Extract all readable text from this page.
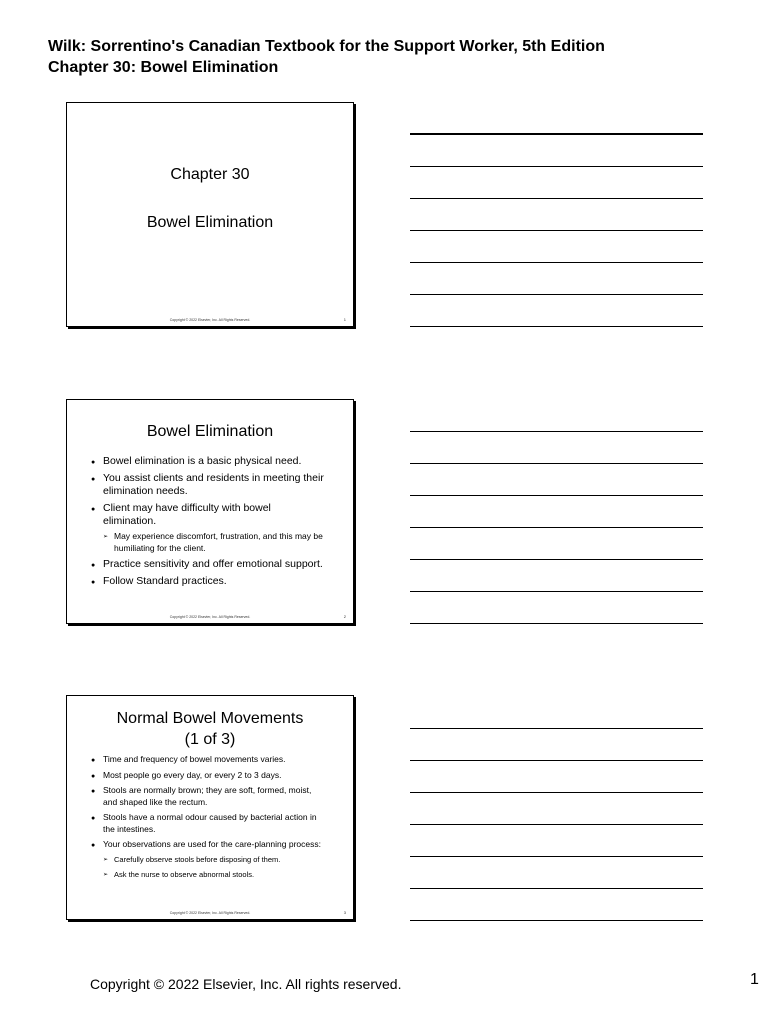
Wilk: Sorrentino's Canadian Textbook for the Support Worker, 5th Edition
Chapter 30: Bowel Elimination
Chapter 30
Bowel Elimination
Copyright © 2022 Elsevier, Inc. All Rights Reserved.	1
Bowel Elimination
● Bowel elimination is a basic physical need.
● You assist clients and residents in meeting their elimination needs.
● Client may have difficulty with bowel elimination.
➢ May experience discomfort, frustration, and this may be humiliating for the client.
● Practice sensitivity and offer emotional support.
● Follow Standard practices.
Copyright © 2022 Elsevier, Inc. All Rights Reserved.	2
Normal Bowel Movements
(1 of 3)
● Time and frequency of bowel movements varies.
● Most people go every day, or every 2 to 3 days.
● Stools are normally brown; they are soft, formed, moist, and shaped like the rectum.
● Stools have a normal odour caused by bacterial action in the intestines.
● Your observations are used for the care-planning process:
➢ Carefully observe stools before disposing of them.
➢ Ask the nurse to observe abnormal stools.
Copyright © 2022 Elsevier, Inc. All Rights Reserved.	3
Copyright © 2022 Elsevier, Inc. All rights reserved.	1
